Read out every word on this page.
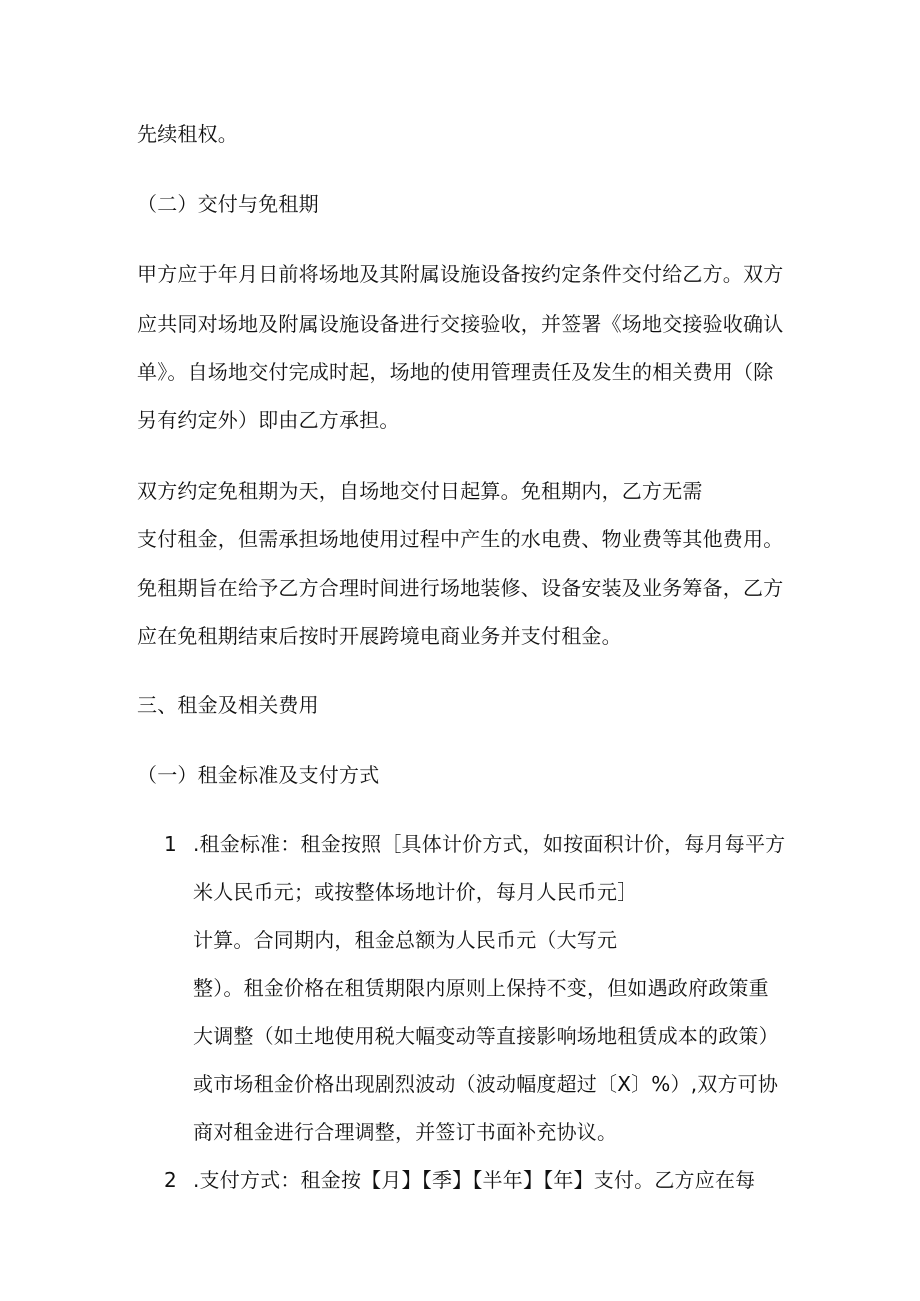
先续租权。
（二）交付与免租期
甲方应于年月日前将场地及其附属设施设备按约定条件交付给乙方。双方
应共同对场地及附属设施设备进行交接验收，并签署《场地交接验收确认
单》。自场地交付完成时起，场地的使用管理责任及发生的相关费用（除
另有约定外）即由乙方承担。
双方约定免租期为天，自场地交付日起算。免租期内，乙方无需
支付租金，但需承担场地使用过程中产生的水电费、物业费等其他费用。
免租期旨在给予乙方合理时间进行场地装修、设备安装及业务筹备，乙方
应在免租期结束后按时开展跨境电商业务并支付租金。
三、租金及相关费用
（一）租金标准及支付方式
1 .租金标准：租金按照［具体计价方式，如按面积计价，每月每平方
米人民币元；或按整体场地计价，每月人民币元］
计算。合同期内，租金总额为人民币元（大写元
整）。租金价格在租赁期限内原则上保持不变，但如遇政府政策重
大调整（如土地使用税大幅变动等直接影响场地租赁成本的政策）
或市场租金价格出现剧烈波动（波动幅度超过〔X〕%）,双方可协
商对租金进行合理调整，并签订书面补充协议。
2 .支付方式：租金按【月】【季】【半年】【年】支付。乙方应在每
